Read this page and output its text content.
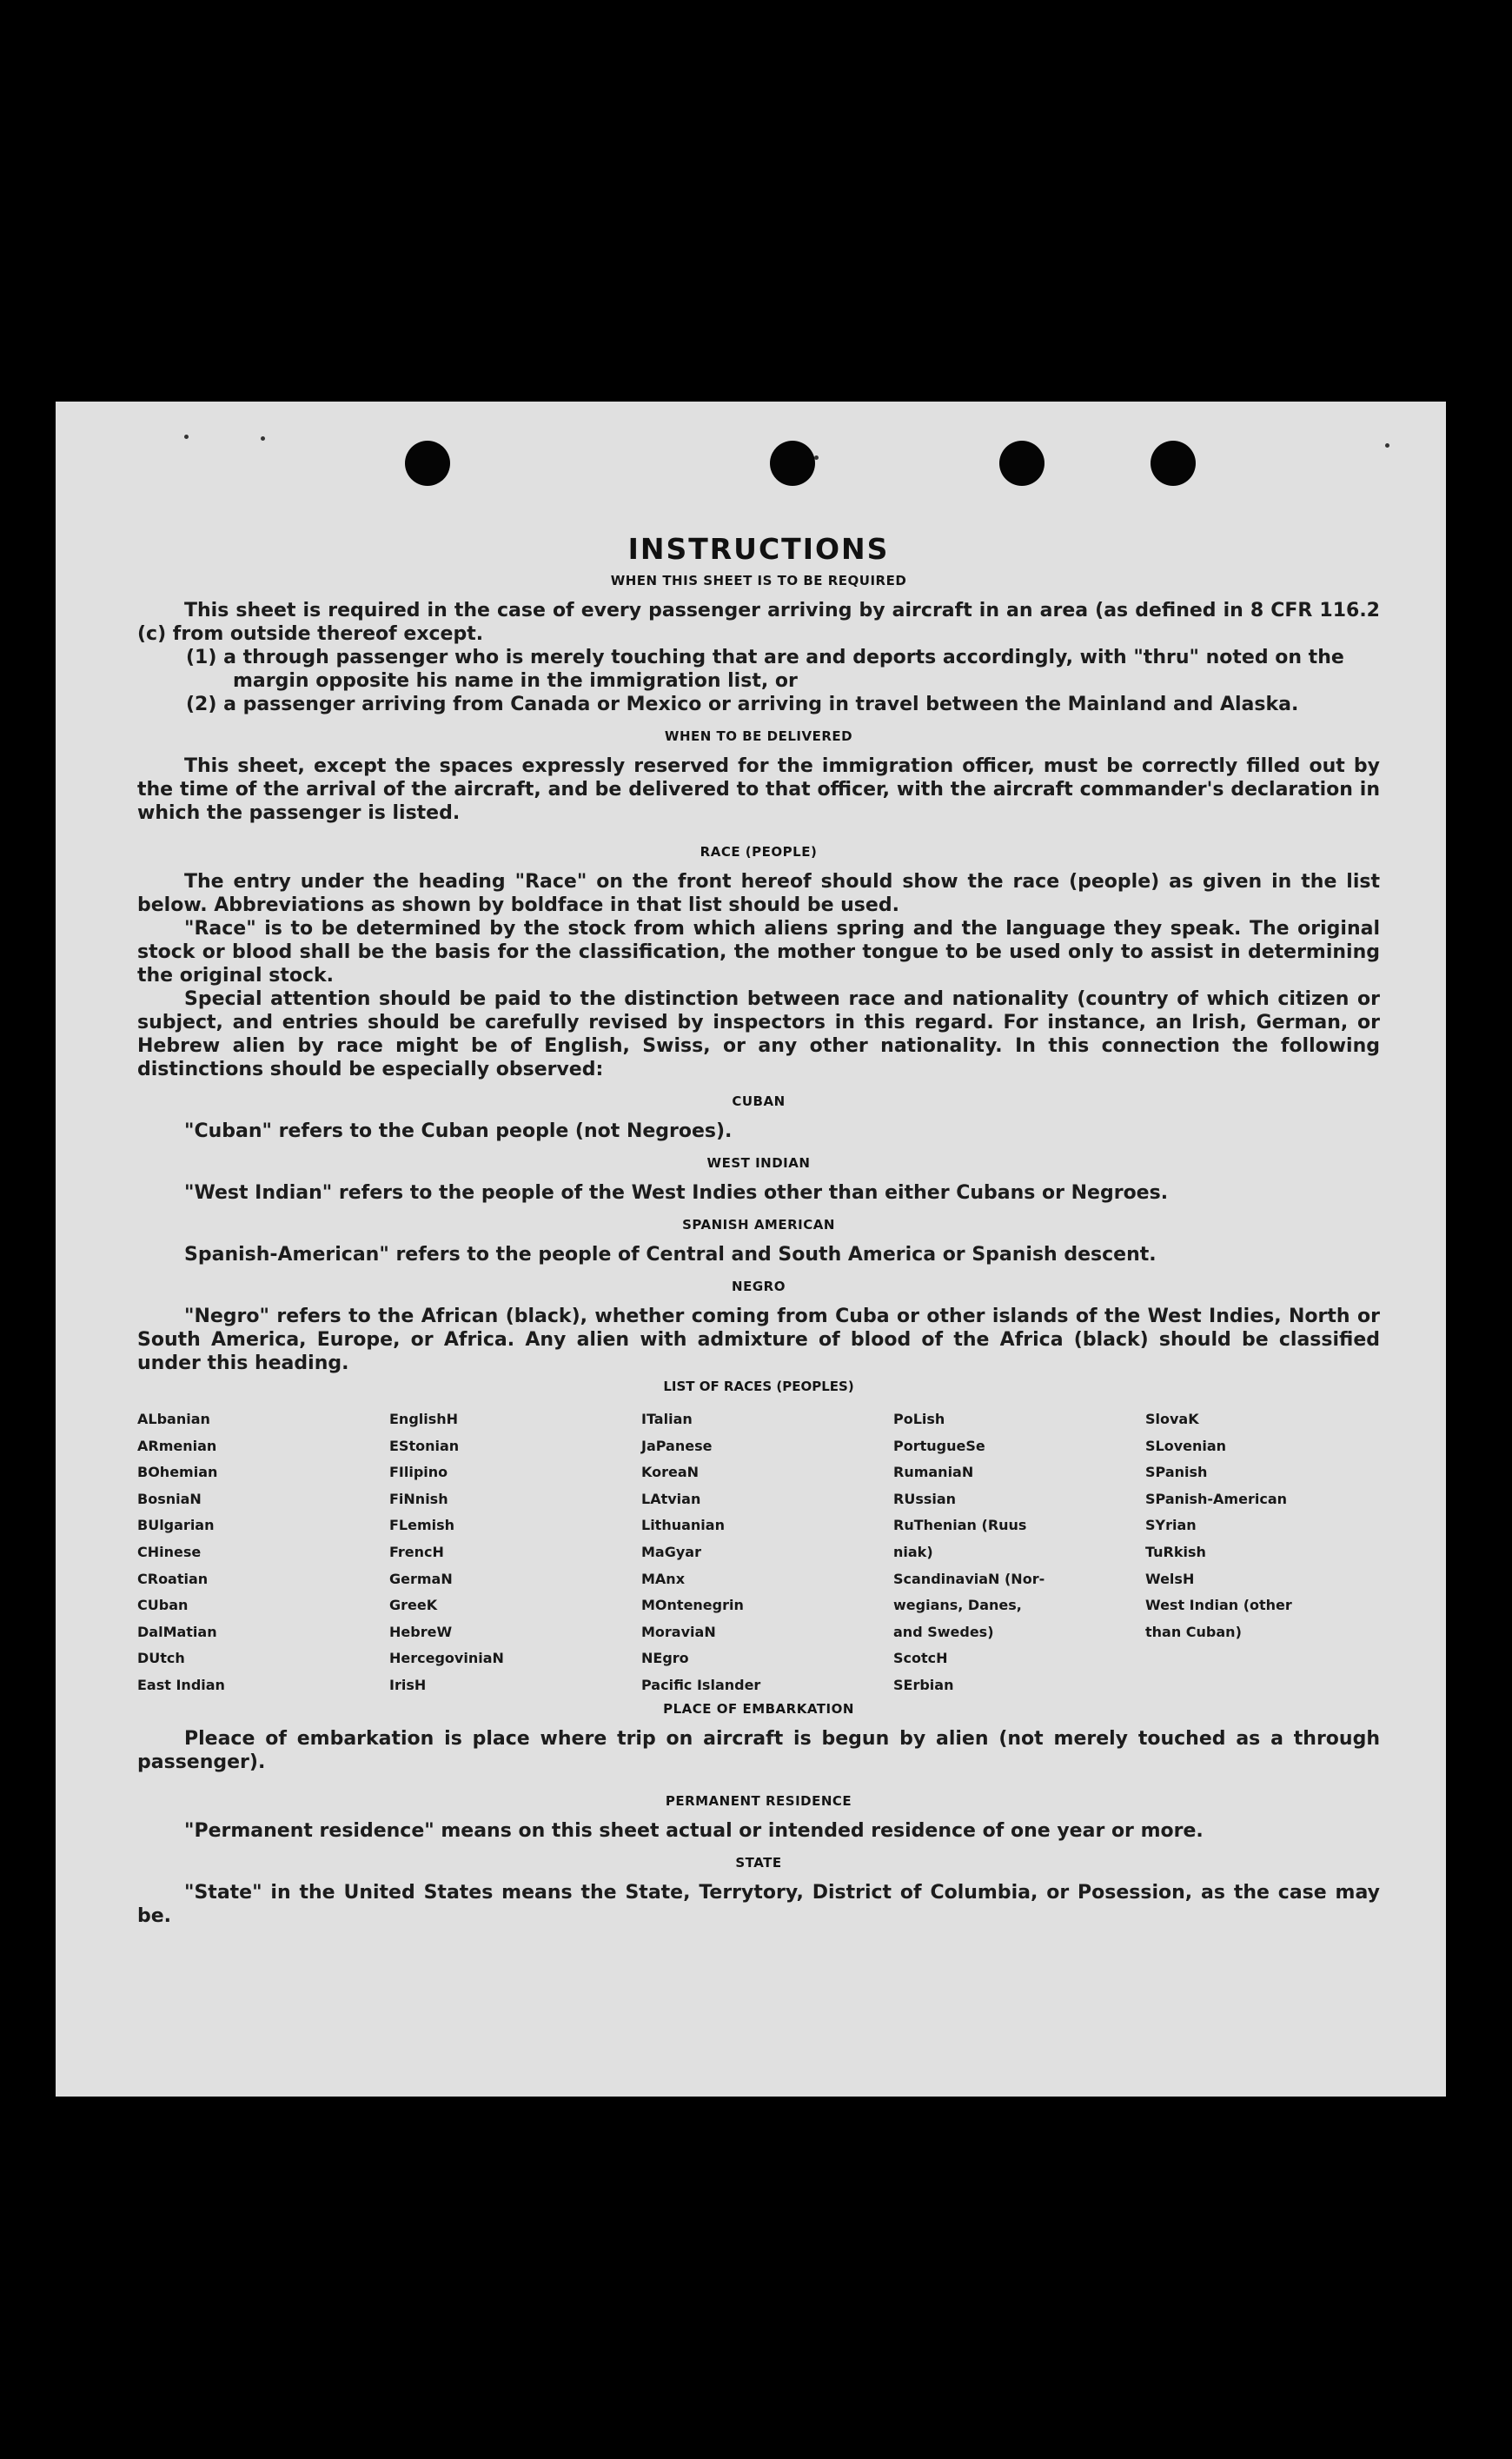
INSTRUCTIONS
WHEN THIS SHEET IS TO BE REQUIRED

This sheet is required in the case of every passenger arriving by aircraft in an area (as defined in 8 CFR 116.2 (c) from outside thereof except.

(1) a through passenger who is merely touching that are and deports accordingly, with "thru" noted on the margin opposite his name in the immigration list, or

(2) a passenger arriving from Canada or Mexico or arriving in travel between the Mainland and Alaska.

WHEN TO BE DELIVERED

This sheet, except the spaces expressly reserved for the immigration officer, must be correctly filled out by the time of the arrival of the aircraft, and be delivered to that officer, with the aircraft commander's declaration in which the passenger is listed.

RACE (PEOPLE)

The entry under the heading "Race" on the front hereof should show the race (people) as given in the list below. Abbreviations as shown by boldface in that list should be used.

"Race" is to be determined by the stock from which aliens spring and the language they speak. The original stock or blood shall be the basis for the classification, the mother tongue to be used only to assist in determining the original stock.

Special attention should be paid to the distinction between race and nationality (country of which citizen or subject, and entries should be carefully revised by inspectors in this regard. For instance, an Irish, German, or Hebrew alien by race might be of English, Swiss, or any other nationality. In this connection the following distinctions should be especially observed:

CUBAN

"Cuban" refers to the Cuban people (not Negroes).

WEST INDIAN

"West Indian" refers to the people of the West Indies other than either Cubans or Negroes.

SPANISH AMERICAN

Spanish-American" refers to the people of Central and South America or Spanish descent.

NEGRO

"Negro" refers to the African (black), whether coming from Cuba or other islands of the West Indies, North or South America, Europe, or Africa. Any alien with admixture of blood of the Africa (black) should be classified under this heading.

LIST OF RACES (PEOPLES)
ALbanian
ARmenian
BOhemian
BosniaN
BUlgarian
CHinese
CRoatian
CUban
DalMatian
DUtch
East Indian
EnglishH
EStonian
FIlipino
FiNnish
FLemish
FrencH
GermaN
GreeK
HebreW
HercegoviniaN
IrisH
ITalian
JaPanese
KoreaN
LAtvian
Lithuanian
MaGyar
MAnx
MOntenegrin
MoraviaN
NEgro
Pacific Islander
PoLish
PortugueSe
RumaniaN
RUssian
RuThenian (Ruus
niak)
ScandinaviaN (Nor-
wegians, Danes,
and Swedes)
ScotcH
SErbian
SlovaK
SLovenian
SPanish
SPanish-American
SYrian
TuRkish
WelsH
West Indian (other
than Cuban)
PLACE OF EMBARKATION

Pleace of embarkation is place where trip on aircraft is begun by alien (not merely touched as a through passenger).

PERMANENT RESIDENCE

"Permanent residence" means on this sheet actual or intended residence of one year or more.

STATE

"State" in the United States means the State, Terrytory, District of Columbia, or Posession, as the case may be.
